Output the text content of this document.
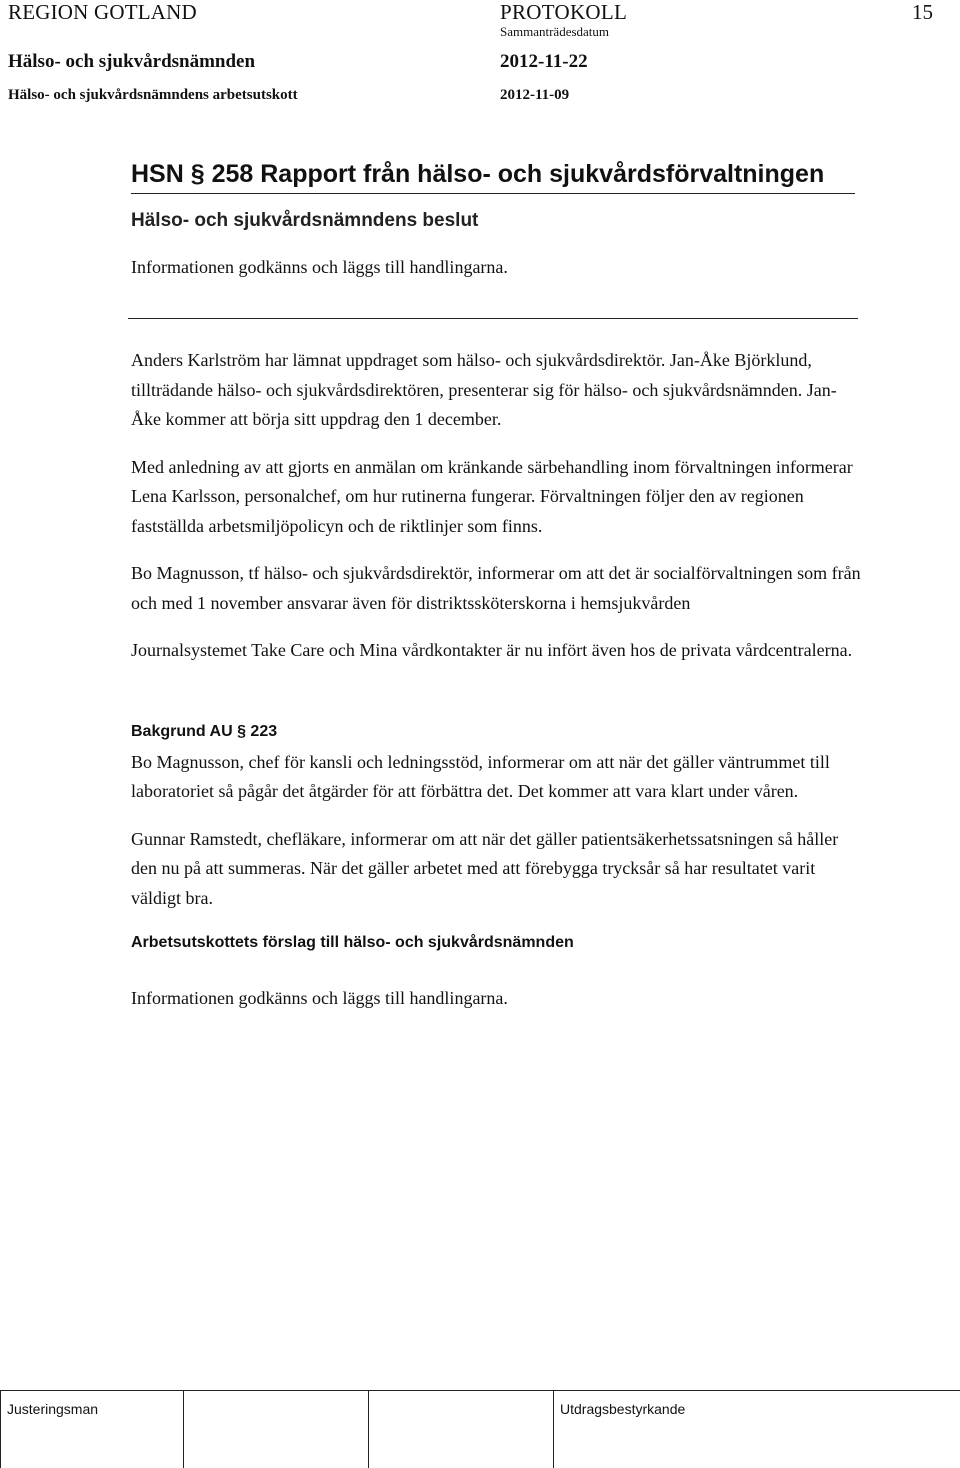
REGION GOTLAND	PROTOKOLL	15
Sammanträdesdatum
Hälso- och sjukvårdsnämnden	2012-11-22
Hälso- och sjukvårdsnämndens arbetsutskott	2012-11-09
HSN § 258 Rapport från hälso- och sjukvårdsförvaltningen
Hälso- och sjukvårdsnämndens beslut
Informationen godkänns och läggs till handlingarna.

Anders Karlström har lämnat uppdraget som hälso- och sjukvårdsdirektör. Jan-Åke Björklund, tillträdande hälso- och sjukvårdsdirektören, presenterar sig för hälso- och sjukvårdsnämnden. Jan-Åke kommer att börja sitt uppdrag den 1 december.

Med anledning av att gjorts en anmälan om kränkande särbehandling inom förvaltningen informerar Lena Karlsson, personalchef, om hur rutinerna fungerar. Förvaltningen följer den av regionen fastställda arbetsmiljöpolicyn och de riktlinjer som finns.

Bo Magnusson, tf hälso- och sjukvårdsdirektör, informerar om att det är socialförvaltningen som från och med 1 november ansvarar även för distriktssköterskorna i hemsjukvården

Journalsystemet Take Care och Mina vårdkontakter är nu infört även hos de privata vårdcentralerna.

Bakgrund AU § 223

Bo Magnusson, chef för kansli och ledningsstöd, informerar om att när det gäller väntrummet till laboratoriet så pågår det åtgärder för att förbättra det. Det kommer att vara klart under våren.

Gunnar Ramstedt, chefläkare, informerar om att när det gäller patientsäkerhetssatsningen så håller den nu på att summeras. När det gäller arbetet med att förebygga trycksår så har resultatet varit väldigt bra.

Arbetsutskottets förslag till hälso- och sjukvårdsnämnden
Informationen godkänns och läggs till handlingarna.
Justeringsman	Utdragsbestyrkande
